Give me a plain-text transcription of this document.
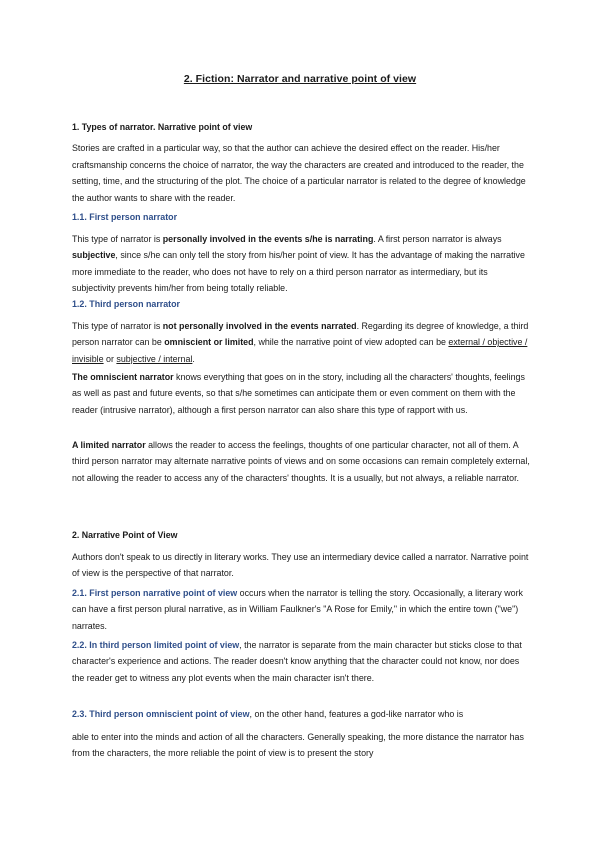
2. Fiction: Narrator and narrative point of view
1. Types of narrator. Narrative point of view
Stories are crafted in a particular way, so that the author can achieve the desired effect on the reader. His/her craftsmanship concerns the choice of narrator, the way the characters are created and introduced to the reader, the setting, time, and the structuring of the plot. The choice of a particular narrator is related to the degree of knowledge the author wants to share with the reader.
1.1. First person narrator
This type of narrator is personally involved in the events s/he is narrating. A first person narrator is always subjective, since s/he can only tell the story from his/her point of view. It has the advantage of making the narrative more immediate to the reader, who does not have to rely on a third person narrator as intermediary, but its subjectivity prevents him/her from being totally reliable.
1.2. Third person narrator
This type of narrator is not personally involved in the events narrated. Regarding its degree of knowledge, a third person narrator can be omniscient or limited, while the narrative point of view adopted can be external / objective / invisible or subjective / internal.
The omniscient narrator knows everything that goes on in the story, including all the characters' thoughts, feelings as well as past and future events, so that s/he sometimes can anticipate them or even comment on them with the reader (intrusive narrator), although a first person narrator can also share this type of rapport with us.
A limited narrator allows the reader to access the feelings, thoughts of one particular character, not all of them. A third person narrator may alternate narrative points of views and on some occasions can remain completely external, not allowing the reader to access any of the characters' thoughts. It is a usually, but not always, a reliable narrator.
2. Narrative Point of View
Authors don't speak to us directly in literary works. They use an intermediary device called a narrator. Narrative point of view is the perspective of that narrator.
2.1. First person narrative point of view occurs when the narrator is telling the story. Occasionally, a literary work can have a first person plural narrative, as in William Faulkner's "A Rose for Emily," in which the entire town ("we") narrates.
2.2. In third person limited point of view, the narrator is separate from the main character but sticks close to that character's experience and actions. The reader doesn't know anything that the character could not know, nor does the reader get to witness any plot events when the main character isn't there.
2.3. Third person omniscient point of view, on the other hand, features a god-like narrator who is
able to enter into the minds and action of all the characters. Generally speaking, the more distance the narrator has from the characters, the more reliable the point of view is to present the story
